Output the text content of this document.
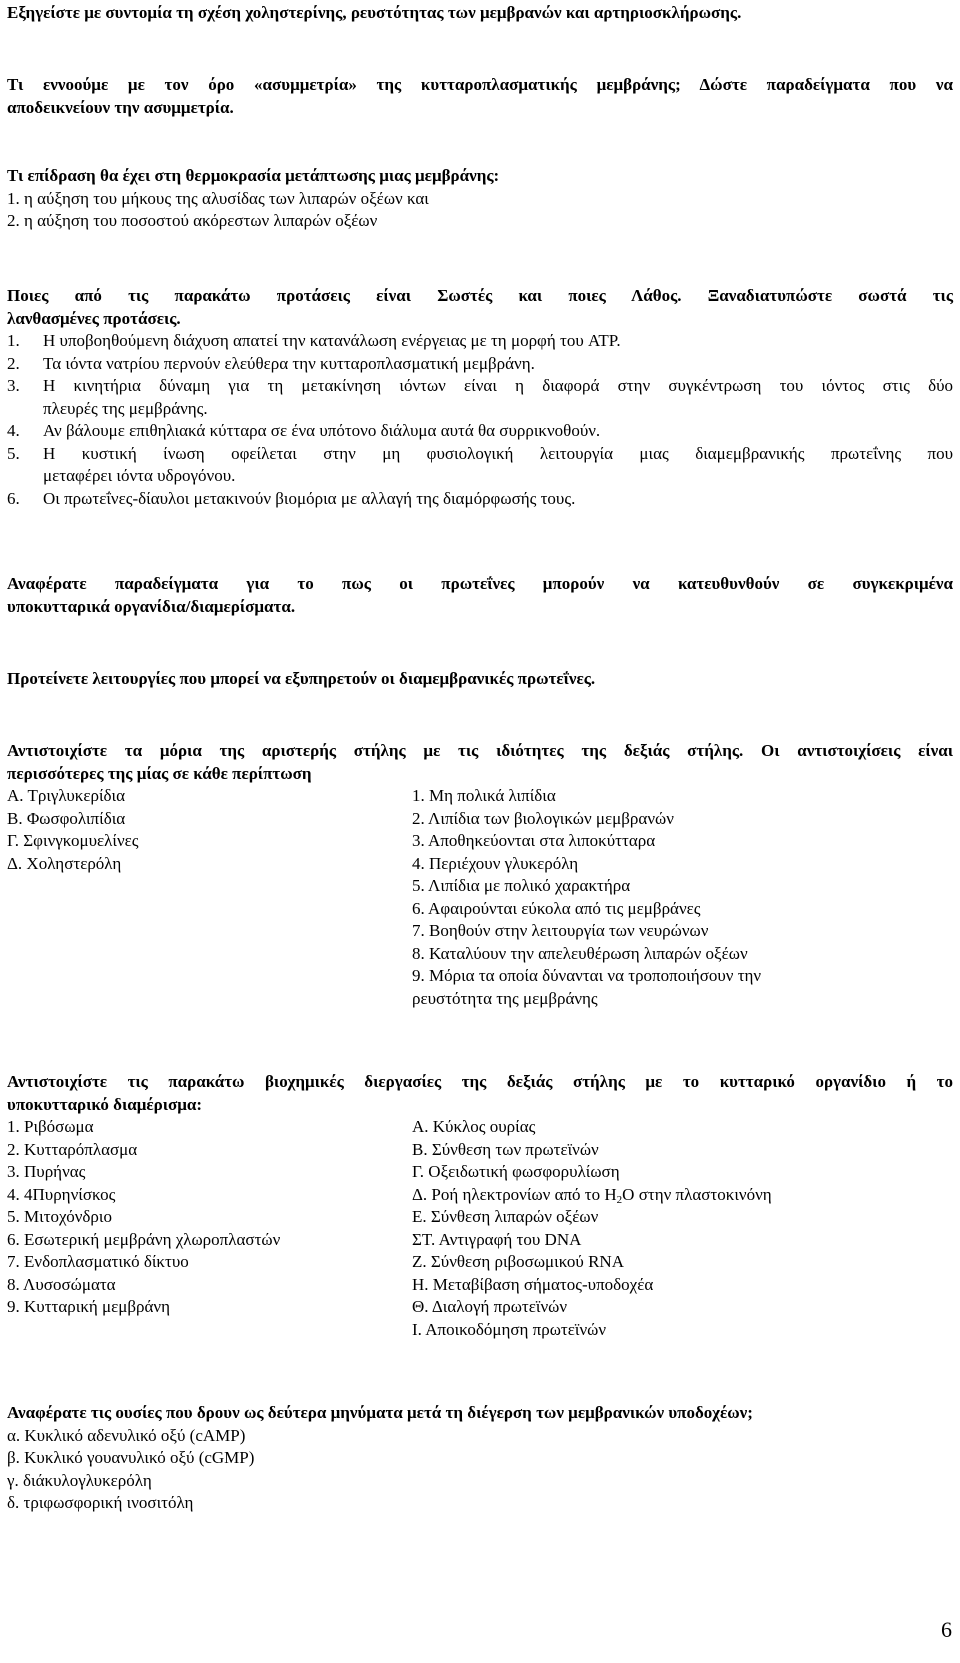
Εξηγείστε με συντομία τη σχέση χοληστερίνης, ρευστότητας των μεμβρανών και αρτηριοσκλήρωσης.
Τι εννοούμε με τον όρο «ασυμμετρία» της κυτταροπλασματικής μεμβράνης; Δώστε παραδείγματα που να
αποδεικνείουν την ασυμμετρία.
Τι επίδραση θα έχει στη θερμοκρασία μετάπτωσης μιας μεμβράνης:
1. η αύξηση του μήκους της αλυσίδας των λιπαρών οξέων και
2. η αύξηση του ποσοστού ακόρεστων λιπαρών οξέων
Ποιες από τις παρακάτω προτάσεις είναι Σωστές και ποιες Λάθος. Ξαναδιατυπώστε σωστά τις
λανθασμένες προτάσεις.
1. Η υποβοηθούμενη διάχυση απατεί την κατανάλωση ενέργειας με τη μορφή του ATP.
2. Τα ιόντα νατρίου περνούν ελεύθερα την κυτταροπλασματική μεμβράνη.
3. Η κινητήρια δύναμη για τη μετακίνηση ιόντων είναι η διαφορά στην συγκέντρωση του ιόντος στις δύο
πλευρές της μεμβράνης.
4. Αν βάλουμε επιθηλιακά κύτταρα σε ένα υπότονο διάλυμα αυτά θα συρρικνοθούν.
5. Η κυστική ίνωση οφείλεται στην μη φυσιολογική λειτουργία μιας διαμεμβρανικής πρωτεΐνης που
μεταφέρει ιόντα υδρογόνου.
6. Οι πρωτεΐνες-δίαυλοι μετακινούν βιομόρια με αλλαγή της διαμόρφωσής τους.
Αναφέρατε παραδείγματα για το πως οι πρωτεΐνες μπορούν να κατευθυνθούν σε συγκεκριμένα
υποκυτταρικά οργανίδια/διαμερίσματα.
Προτείνετε λειτουργίες που μπορεί να εξυπηρετούν οι διαμεμβρανικές πρωτεΐνες.
Αντιστοιχίστε τα μόρια της αριστερής στήλης με τις ιδιότητες της δεξιάς στήλης. Οι αντιστοιχίσεις είναι
περισσότερες της μίας σε κάθε περίπτωση
Α. Τριγλυκερίδια	1. Μη πολικά λιπίδια
Β. Φωσφολιπίδια	2. Λιπίδια των βιολογικών μεμβρανών
Γ. Σφινγκομυελίνες	3. Αποθηκεύονται στα λιποκύτταρα
Δ. Χοληστερόλη	4. Περιέχουν γλυκερόλη
5. Λιπίδια με πολικό χαρακτήρα
6. Αφαιρούνται εύκολα από τις μεμβράνες
7. Βοηθούν στην λειτουργία των νευρώνων
8. Καταλύουν την απελευθέρωση λιπαρών οξέων
9. Μόρια τα οποία δύνανται να τροποποιήσουν την
ρευστότητα της μεμβράνης
Αντιστοιχίστε τις παρακάτω βιοχημικές διεργασίες της δεξιάς στήλης με το κυτταρικό οργανίδιο ή το
υποκυτταρικό διαμέρισμα:
1. Ριβόσωμα	Α. Κύκλος ουρίας
2. Κυτταρόπλασμα	Β. Σύνθεση των πρωτεϊνών
3. Πυρήνας	Γ. Οξειδωτική φωσφορυλίωση
4. 4Πυρηνίσκος	Δ. Ροή ηλεκτρονίων από το $H_2O$ στην πλαστοκινόνη
5. Μιτοχόνδριο	Ε. Σύνθεση λιπαρών οξέων
6. Εσωτερική μεμβράνη χλωροπλαστών	ΣΤ. Αντιγραφή του DNA
7. Ενδοπλασματικό δίκτυο	Ζ. Σύνθεση ριβοσωμικού RNA
8. Λυσοσώματα	Η. Μεταβίβαση σήματος-υποδοχέα
9. Κυτταρική μεμβράνη	Θ. Διαλογή πρωτεϊνών
Ι. Αποικοδόμηση πρωτεϊνών
Αναφέρατε τις ουσίες που δρουν ως δεύτερα μηνύματα μετά τη διέγερση των μεμβρανικών υποδοχέων;
α. Κυκλικό αδενυλικό οξύ (cAMP)
β. Κυκλικό γουανυλικό οξύ (cGMP)
γ. διάκυλογλυκερόλη
δ. τριφωσφορική ινοσιτόλη
6
